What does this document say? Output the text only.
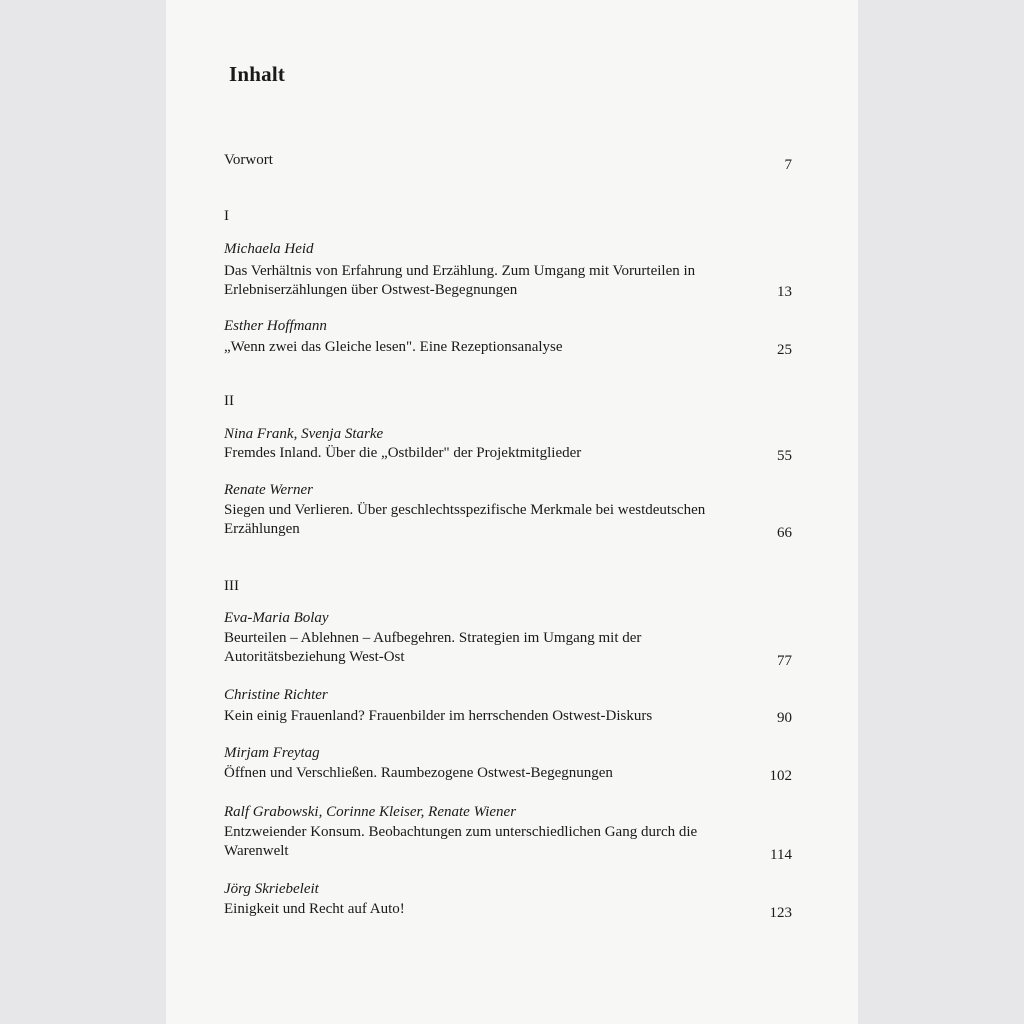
Inhalt
Vorwort	7
I
Michaela Heid
Das Verhältnis von Erfahrung und Erzählung. Zum Umgang mit Vorurteilen in
Erlebniserzählungen über Ostwest-Begegnungen	13
Esther Hoffmann
„Wenn zwei das Gleiche lesen". Eine Rezeptionsanalyse	25
II
Nina Frank, Svenja Starke
Fremdes Inland. Über die „Ostbilder" der Projektmitglieder	55
Renate Werner
Siegen und Verlieren. Über geschlechtsspezifische Merkmale bei westdeutschen
Erzählungen	66
III
Eva-Maria Bolay
Beurteilen – Ablehnen – Aufbegehren. Strategien im Umgang mit der
Autoritätsbeziehung West-Ost	77
Christine Richter
Kein einig Frauenland? Frauenbilder im herrschenden Ostwest-Diskurs	90
Mirjam Freytag
Öffnen und Verschließen. Raumbezogene Ostwest-Begegnungen	102
Ralf Grabowski, Corinne Kleiser, Renate Wiener
Entzweiender Konsum. Beobachtungen zum unterschiedlichen Gang durch die
Warenwelt	114
Jörg Skriebeleit
Einigkeit und Recht auf Auto!	123
